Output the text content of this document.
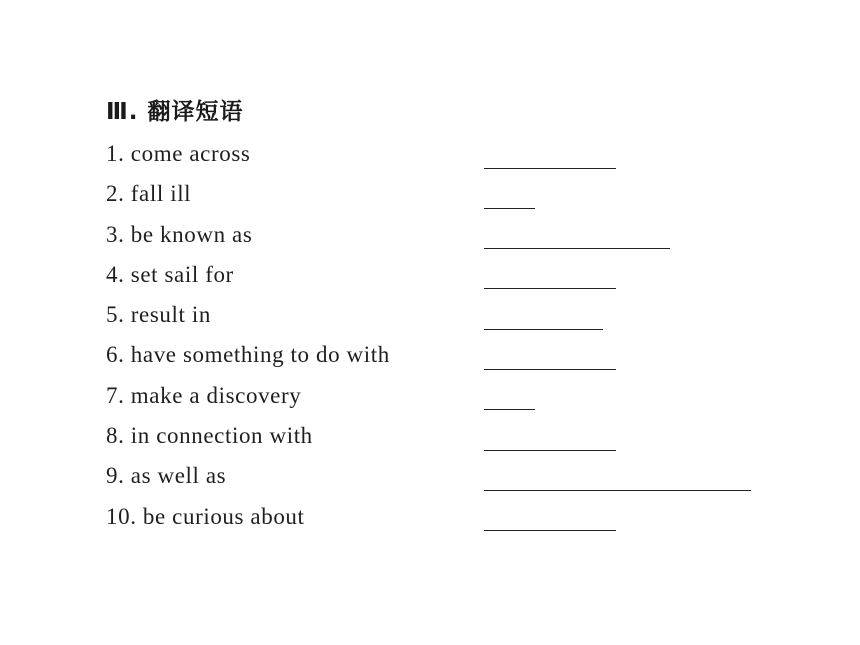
Ⅲ. 翻译短语
1. come across
2. fall ill
3. be known as
4. set sail for
5. result in
6. have something to do with
7. make a discovery
8. in connection with
9. as well as
10. be curious about
